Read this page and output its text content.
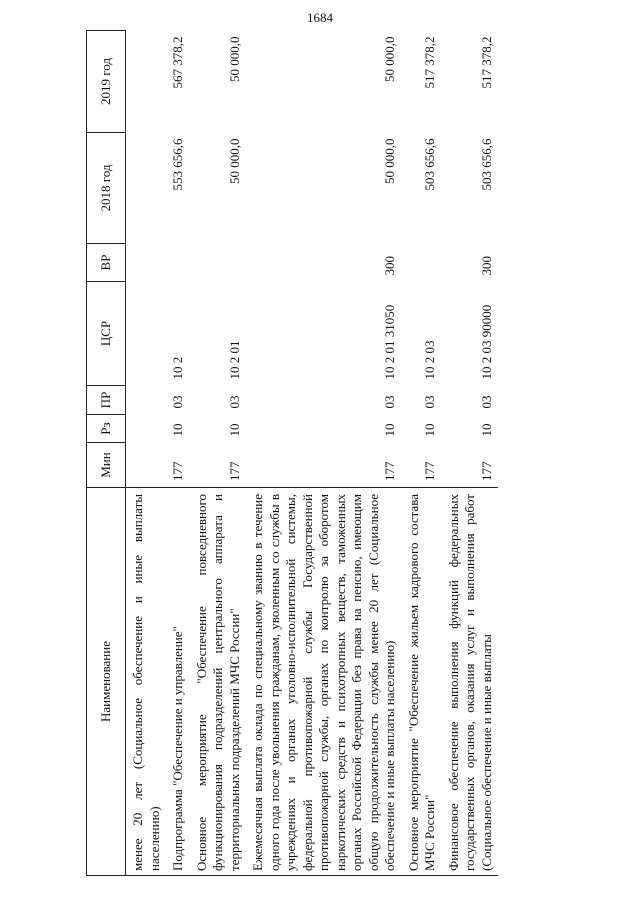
1684
Наименование	Мин	Рз	ПР	ЦСР	ВР	2018 год	2019 год
менее 20 лет (Социальное обеспечение и иные выплаты населению)							
Подпрограмма "Обеспечение и управление"	177	10	03	10 2		553 656,6	567 378,2
Основное мероприятие "Обеспечение повседневного функционирования подразделений центрального аппарата и территориальных подразделений МЧС России"	177	10	03	10 2 01		50 000,0	50 000,0
Ежемесячная выплата оклада по специальному званию в течение одного года после увольнения гражданам, уволенным со службы в учреждениях и органах уголовно-исполнительной системы, федеральной противопожарной службы Государственной противопожарной службы, органах по контролю за оборотом наркотических средств и психотропных веществ, таможенных органах Российской Федерации без права на пенсию, имеющим общую продолжительность службы менее 20 лет (Социальное обеспечение и иные выплаты населению)	177	10	03	10 2 01 31050	300	50 000,0	50 000,0
Основное мероприятие "Обеспечение жильем кадрового состава МЧС России"	177	10	03	10 2 03		503 656,6	517 378,2
Финансовое обеспечение выполнения функций федеральных государственных органов, оказания услуг и выполнения работ (Социальное обеспечение и иные выплаты	177	10	03	10 2 03 90000	300	503 656,6	517 378,2
